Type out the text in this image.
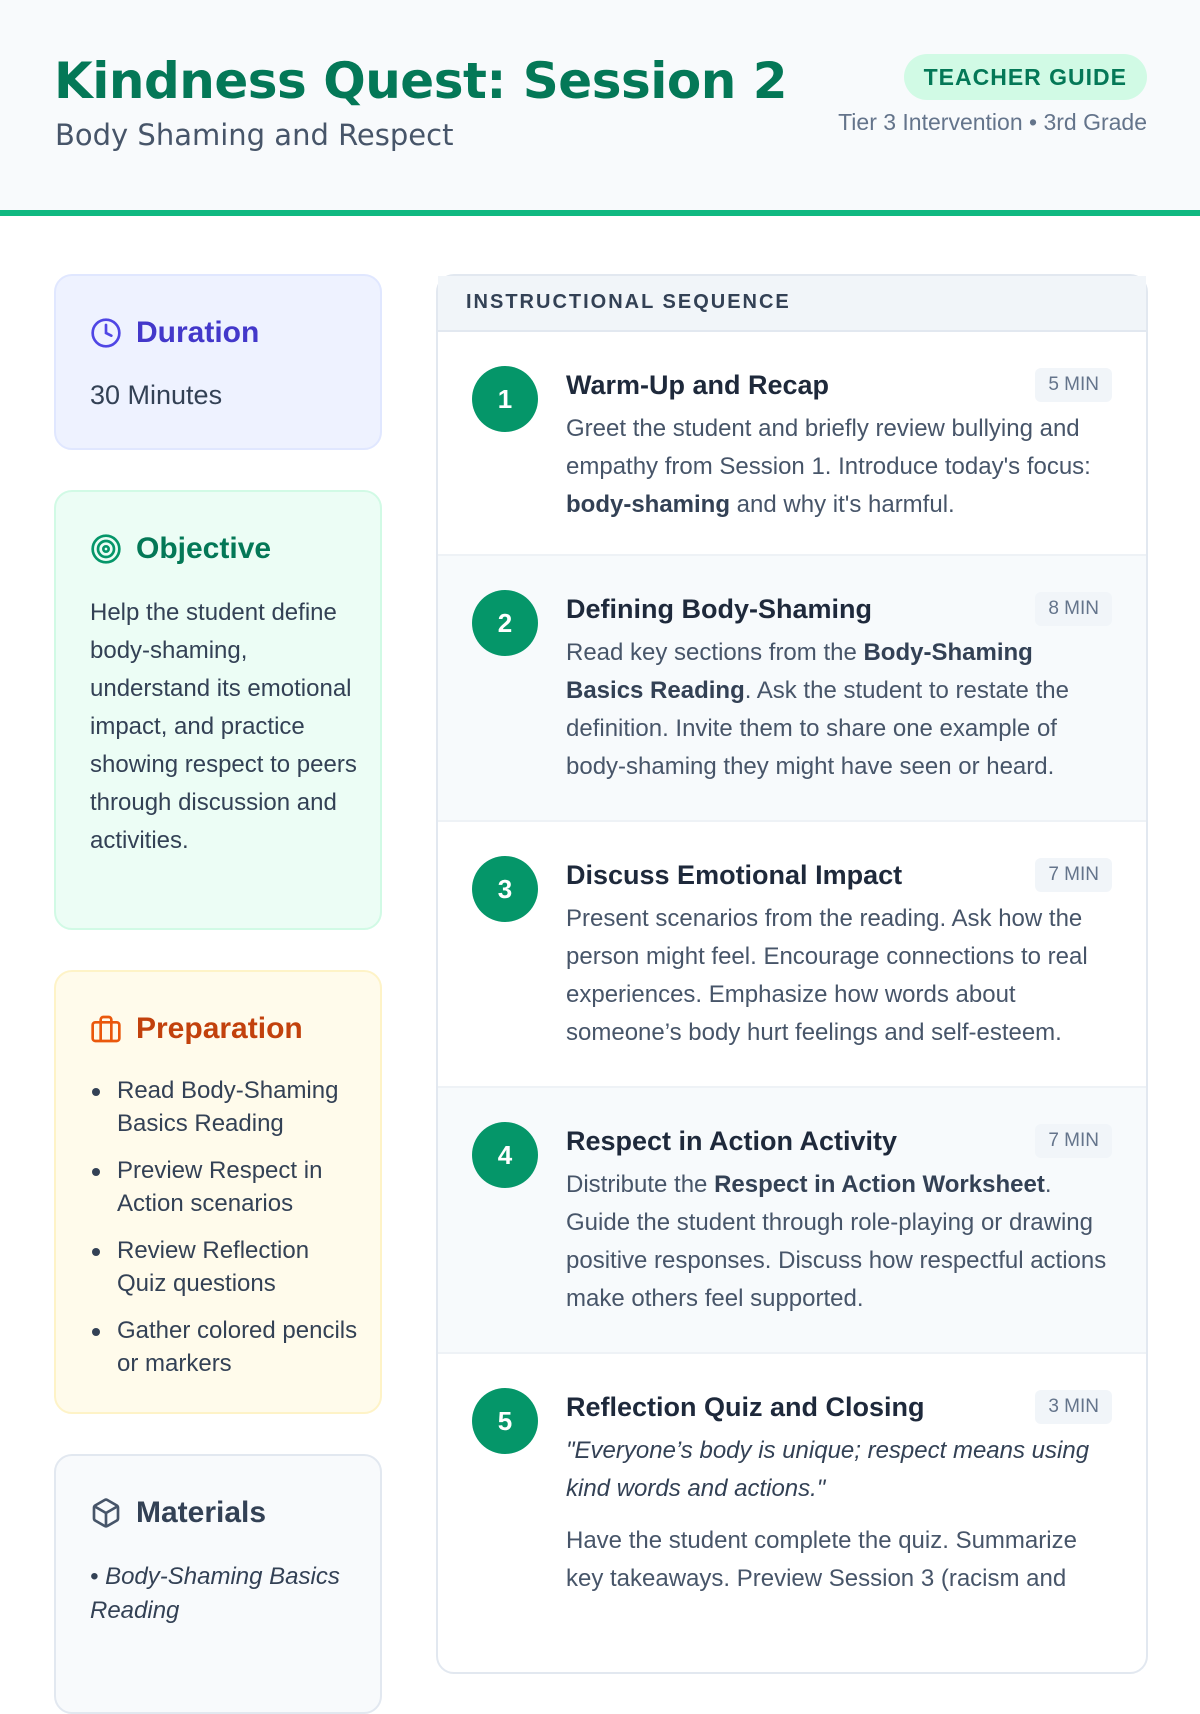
Kindness Quest: Session 2
Body Shaming and Respect
TEACHER GUIDE
Tier 3 Intervention • 3rd Grade
Duration
30 Minutes
Objective

Help the student define body-shaming, understand its emotional impact, and practice showing respect to peers through discussion and activities.

Preparation
Read Body-Shaming Basics Reading
Preview Respect in Action scenarios
Review Reflection Quiz questions
Gather colored pencils or markers
Materials
• Body-Shaming Basics Reading
INSTRUCTIONAL SEQUENCE
1	Warm-Up and Recap	5 MIN

Greet the student and briefly review bullying and empathy from Session 1. Introduce today's focus: body-shaming and why it's harmful.

2	Defining Body-Shaming	8 MIN

Read key sections from the Body-Shaming Basics Reading. Ask the student to restate the definition. Invite them to share one example of body-shaming they might have seen or heard.

3	Discuss Emotional Impact	7 MIN

Present scenarios from the reading. Ask how the person might feel. Encourage connections to real experiences. Emphasize how words about someone’s body hurt feelings and self-esteem.

4	Respect in Action Activity	7 MIN

Distribute the Respect in Action Worksheet. Guide the student through role-playing or drawing positive responses. Discuss how respectful actions make others feel supported.

5	Reflection Quiz and Closing	3 MIN

"Everyone’s body is unique; respect means using kind words and actions."

Have the student complete the quiz. Summarize key takeaways. Preview Session 3 (racism and
